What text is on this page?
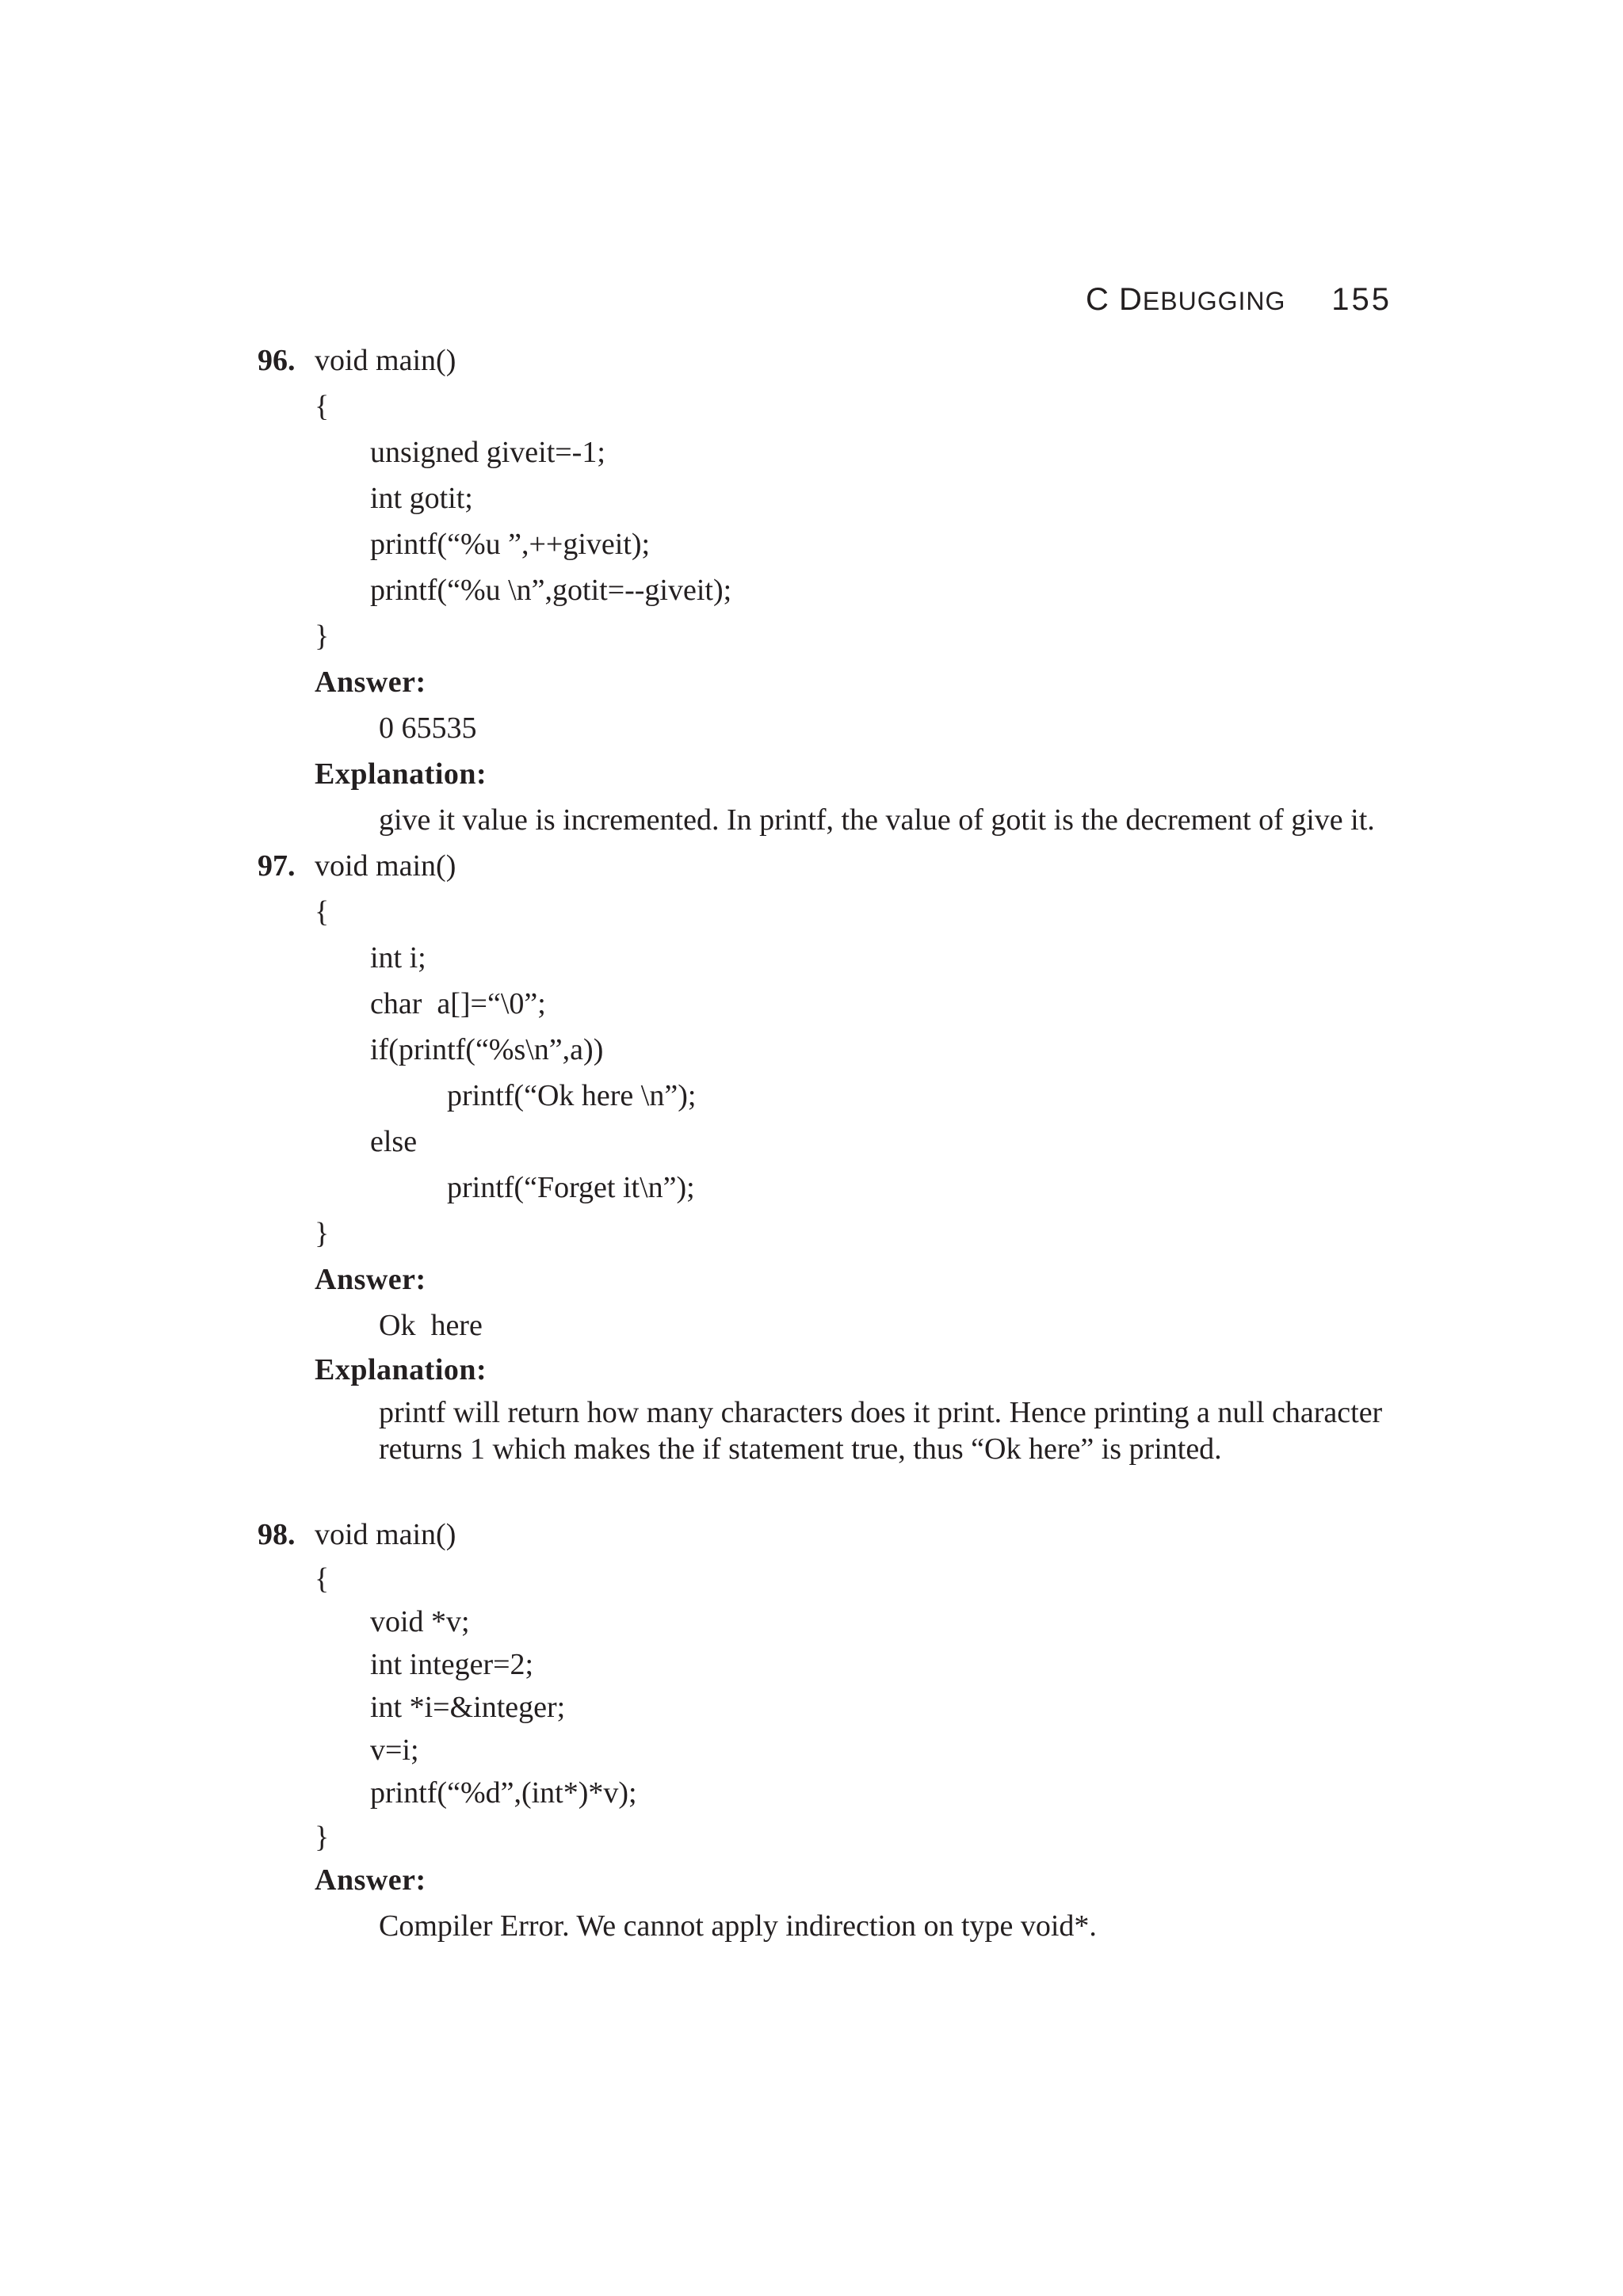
C DEBUGGING 155
96. void main()
{
unsigned giveit=-1;
int gotit;
printf(“%u ”,++giveit);
printf(“%u \n”,gotit=--giveit);
}
Answer:
0 65535
Explanation:
give it value is incremented. In printf, the value of gotit is the decrement of give it.
97. void main()
{
int i;
char  a[]=“\0”;
if(printf(“%s\n”,a))
printf(“Ok here \n”);
else
printf(“Forget it\n”);
}
Answer:
Ok  here
Explanation:
printf will return how many characters does it print. Hence printing a null character
returns 1 which makes the if statement true, thus “Ok here” is printed.
98. void main()
{
void *v;
int integer=2;
int *i=&integer;
v=i;
printf(“%d”,(int*)*v);
}
Answer:
Compiler Error. We cannot apply indirection on type void*.
